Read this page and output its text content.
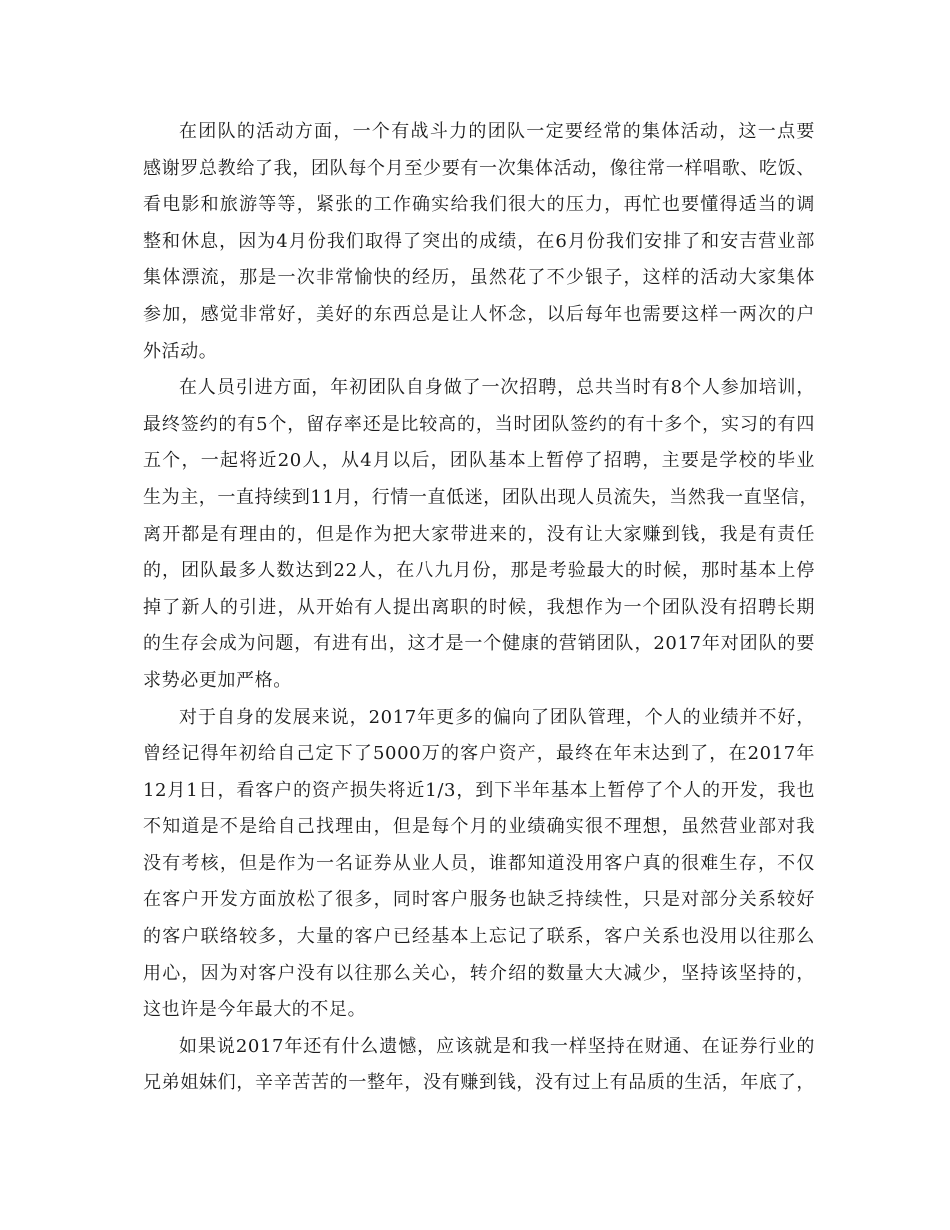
在团队的活动方面，一个有战斗力的团队一定要经常的集体活动，这一点要
感谢罗总教给了我，团队每个月至少要有一次集体活动，像往常一样唱歌、吃饭、
看电影和旅游等等，紧张的工作确实给我们很大的压力，再忙也要懂得适当的调
整和休息，因为4月份我们取得了突出的成绩，在6月份我们安排了和安吉营业部
集体漂流，那是一次非常愉快的经历，虽然花了不少银子，这样的活动大家集体
参加，感觉非常好，美好的东西总是让人怀念，以后每年也需要这样一两次的户
外活动。
在人员引进方面，年初团队自身做了一次招聘，总共当时有8个人参加培训，
最终签约的有5个，留存率还是比较高的，当时团队签约的有十多个，实习的有四
五个，一起将近20人，从4月以后，团队基本上暂停了招聘，主要是学校的毕业
生为主，一直持续到11月，行情一直低迷，团队出现人员流失，当然我一直坚信，
离开都是有理由的，但是作为把大家带进来的，没有让大家赚到钱，我是有责任
的，团队最多人数达到22人，在八九月份，那是考验最大的时候，那时基本上停
掉了新人的引进，从开始有人提出离职的时候，我想作为一个团队没有招聘长期
的生存会成为问题，有进有出，这才是一个健康的营销团队，2017年对团队的要
求势必更加严格。
对于自身的发展来说，2017年更多的偏向了团队管理，个人的业绩并不好，
曾经记得年初给自己定下了5000万的客户资产，最终在年末达到了，在2017年
12月1日，看客户的资产损失将近1/3，到下半年基本上暂停了个人的开发，我也
不知道是不是给自己找理由，但是每个月的业绩确实很不理想，虽然营业部对我
没有考核，但是作为一名证券从业人员，谁都知道没用客户真的很难生存，不仅
在客户开发方面放松了很多，同时客户服务也缺乏持续性，只是对部分关系较好
的客户联络较多，大量的客户已经基本上忘记了联系，客户关系也没用以往那么
用心，因为对客户没有以往那么关心，转介绍的数量大大减少，坚持该坚持的，
这也许是今年最大的不足。
如果说2017年还有什么遗憾，应该就是和我一样坚持在财通、在证券行业的
兄弟姐妹们，辛辛苦苦的一整年，没有赚到钱，没有过上有品质的生活，年底了，
